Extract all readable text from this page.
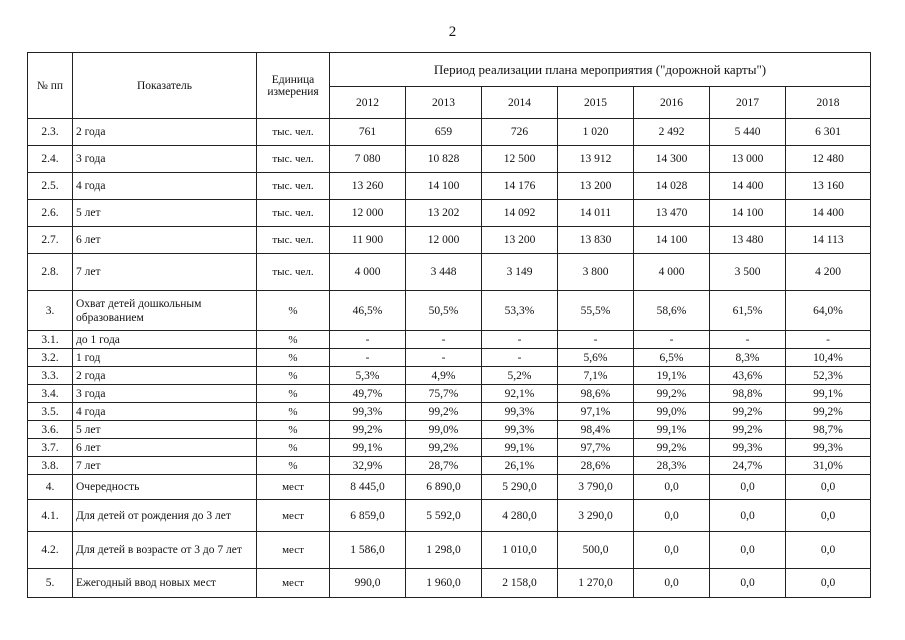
2
№ пп	Показатель	Единица измерения	Период реализации плана мероприятия ("дорожной карты")						
			2012	2013	2014	2015	2016	2017	2018
2.3.	2 года	тыс. чел.	761	659	726	1 020	2 492	5 440	6 301
2.4.	3 года	тыс. чел.	7 080	10 828	12 500	13 912	14 300	13 000	12 480
2.5.	4 года	тыс. чел.	13 260	14 100	14 176	13 200	14 028	14 400	13 160
2.6.	5 лет	тыс. чел.	12 000	13 202	14 092	14 011	13 470	14 100	14 400
2.7.	6 лет	тыс. чел.	11 900	12 000	13 200	13 830	14 100	13 480	14 113
2.8.	7 лет	тыс. чел.	4 000	3 448	3 149	3 800	4 000	3 500	4 200
3.	Охват детей дошкольным образованием	%	46,5%	50,5%	53,3%	55,5%	58,6%	61,5%	64,0%
3.1.	до 1 года	%	-	-	-	-	-	-	-
3.2.	1 год	%	-	-	-	5,6%	6,5%	8,3%	10,4%
3.3.	2 года	%	5,3%	4,9%	5,2%	7,1%	19,1%	43,6%	52,3%
3.4.	3 года	%	49,7%	75,7%	92,1%	98,6%	99,2%	98,8%	99,1%
3.5.	4 года	%	99,3%	99,2%	99,3%	97,1%	99,0%	99,2%	99,2%
3.6.	5 лет	%	99,2%	99,0%	99,3%	98,4%	99,1%	99,2%	98,7%
3.7.	6 лет	%	99,1%	99,2%	99,1%	97,7%	99,2%	99,3%	99,3%
3.8.	7 лет	%	32,9%	28,7%	26,1%	28,6%	28,3%	24,7%	31,0%
4.	Очередность	мест	8 445,0	6 890,0	5 290,0	3 790,0	0,0	0,0	0,0
4.1.	Для детей от рождения до 3 лет	мест	6 859,0	5 592,0	4 280,0	3 290,0	0,0	0,0	0,0
4.2.	Для детей в возрасте от 3 до 7 лет	мест	1 586,0	1 298,0	1 010,0	500,0	0,0	0,0	0,0
5.	Ежегодный ввод новых мест	мест	990,0	1 960,0	2 158,0	1 270,0	0,0	0,0	0,0
